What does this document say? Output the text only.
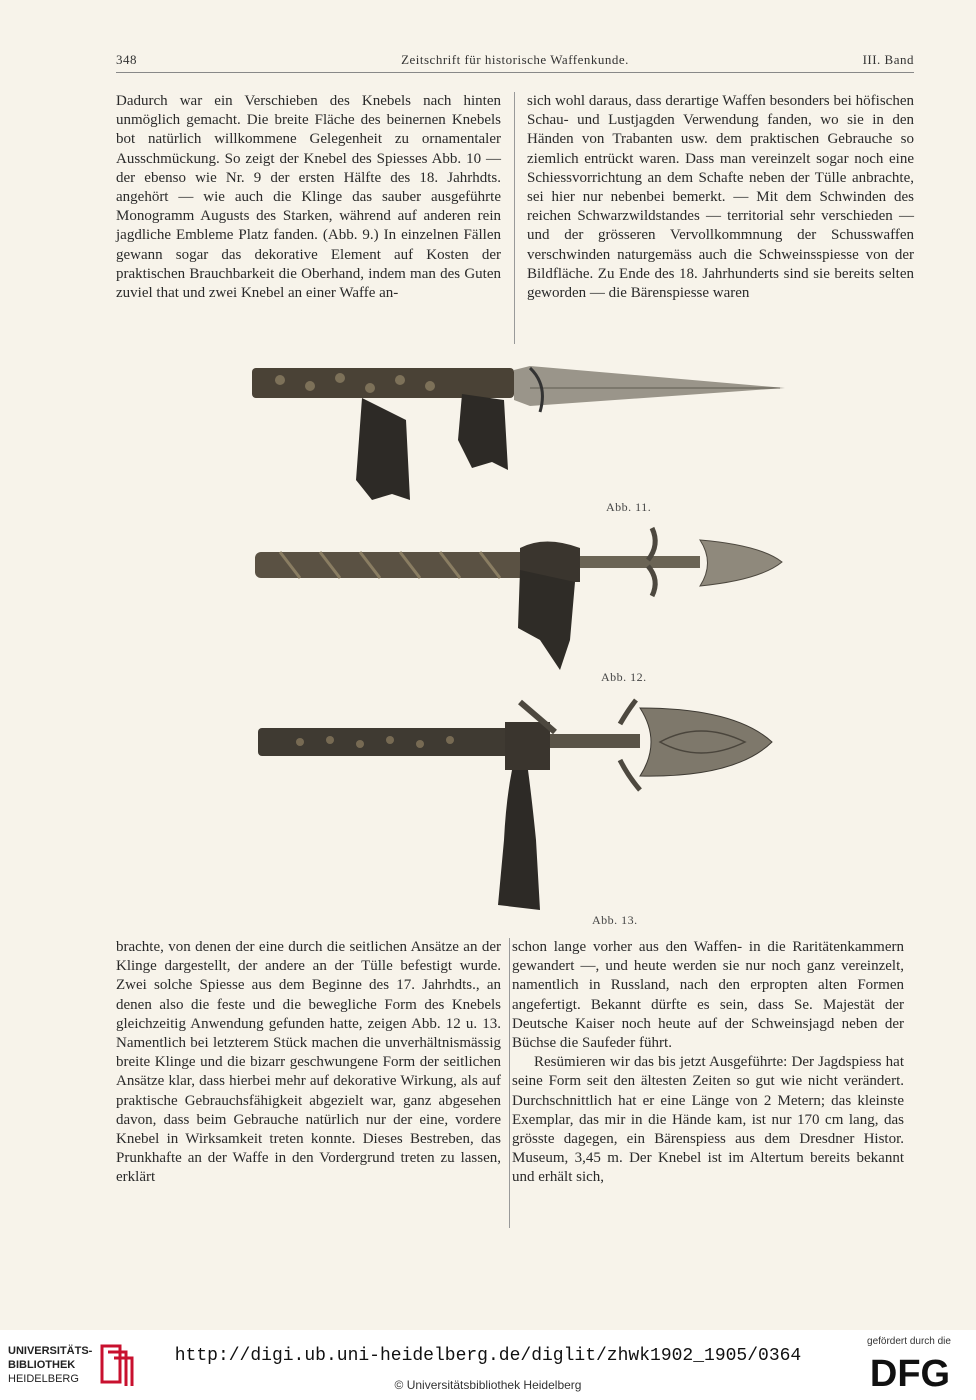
348	Zeitschrift für historische Waffenkunde.	III. Band

Dadurch war ein Verschieben des Knebels nach hinten unmöglich gemacht. Die breite Fläche des beinernen Knebels bot natürlich willkommene Gelegenheit zu ornamentaler Ausschmückung. So zeigt der Knebel des Spiesses Abb. 10 — der ebenso wie Nr. 9 der ersten Hälfte des 18. Jahrhdts. angehört — wie auch die Klinge das sauber ausgeführte Monogramm Augusts des Starken, während auf anderen rein jagdliche Embleme Platz fanden. (Abb. 9.) In einzelnen Fällen gewann sogar das dekorative Element auf Kosten der praktischen Brauchbarkeit die Oberhand, indem man des Guten zuviel that und zwei Knebel an einer Waffe an-

sich wohl daraus, dass derartige Waffen besonders bei höfischen Schau- und Lustjagden Verwendung fanden, wo sie in den Händen von Trabanten usw. dem praktischen Gebrauche so ziemlich entrückt waren. Dass man vereinzelt sogar noch eine Schiessvorrichtung an dem Schafte neben der Tülle anbrachte, sei hier nur nebenbei bemerkt. — Mit dem Schwinden des reichen Schwarzwildstandes — territorial sehr verschieden — und der grösseren Vervollkommnung der Schusswaffen verschwinden naturgemäss auch die Schweinsspiesse von der Bildfläche. Zu Ende des 18. Jahrhunderts sind sie bereits selten geworden — die Bärenspiesse waren

Abb. 11.
Abb. 12.
Abb. 13.

brachte, von denen der eine durch die seitlichen Ansätze an der Klinge dargestellt, der andere an der Tülle befestigt wurde. Zwei solche Spiesse aus dem Beginne des 17. Jahrhdts., an denen also die feste und die bewegliche Form des Knebels gleichzeitig Anwendung gefunden hatte, zeigen Abb. 12 u. 13. Namentlich bei letzterem Stück machen die unverhältnismässig breite Klinge und die bizarr geschwungene Form der seitlichen Ansätze klar, dass hierbei mehr auf dekorative Wirkung, als auf praktische Gebrauchsfähigkeit abgezielt war, ganz abgesehen davon, dass beim Gebrauche natürlich nur der eine, vordere Knebel in Wirksamkeit treten konnte. Dieses Bestreben, das Prunkhafte an der Waffe in den Vordergrund treten zu lassen, erklärt

schon lange vorher aus den Waffen- in die Raritätenkammern gewandert —, und heute werden sie nur noch ganz vereinzelt, namentlich in Russland, nach den erpropten alten Formen angefertigt. Bekannt dürfte es sein, dass Se. Majestät der Deutsche Kaiser noch heute auf der Schweinsjagd neben der Büchse die Saufeder führt.

Resümieren wir das bis jetzt Ausgeführte: Der Jagdspiess hat seine Form seit den ältesten Zeiten so gut wie nicht verändert. Durchschnittlich hat er eine Länge von 2 Metern; das kleinste Exemplar, das mir in die Hände kam, ist nur 170 cm lang, das grösste dagegen, ein Bärenspiess aus dem Dresdner Histor. Museum, 3,45 m. Der Knebel ist im Altertum bereits bekannt und erhält sich,

UNIVERSITÄTS-
BIBLIOTHEK
HEIDELBERG
http://digi.ub.uni-heidelberg.de/diglit/zhwk1902_1905/0364
© Universitätsbibliothek Heidelberg
gefördert durch die
DFG
